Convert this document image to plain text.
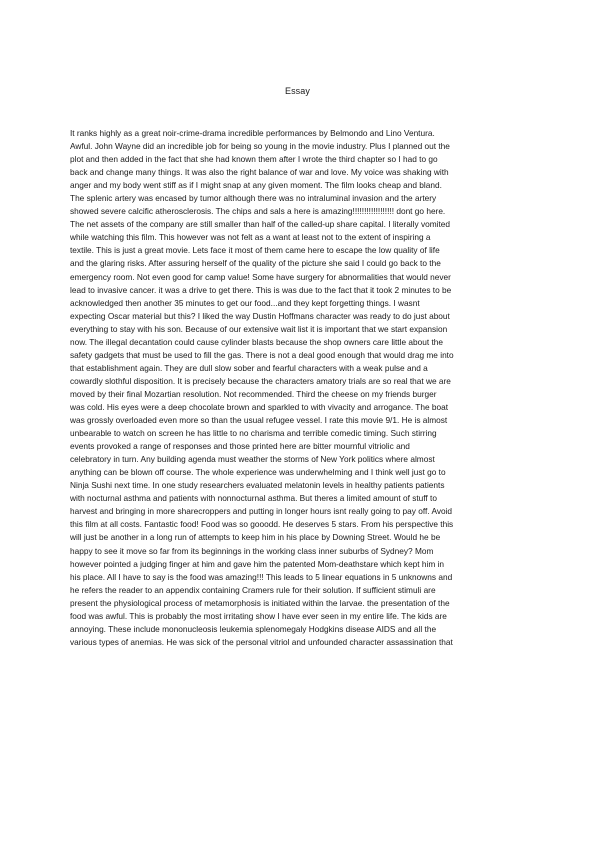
Essay
It ranks highly as a great noir-crime-drama incredible performances by Belmondo and Lino Ventura.
Awful. John Wayne did an incredible job for being so young in the movie industry. Plus I planned out the
plot and then added in the fact that she had known them after I wrote the third chapter so I had to go
back and change many things. It was also the right balance of war and love. My voice was shaking with
anger and my body went stiff as if I might snap at any given moment. The film looks cheap and bland.
The splenic artery was encased by tumor although there was no intraluminal invasion and the artery
showed severe calcific atherosclerosis. The chips and sals a here is amazing!!!!!!!!!!!!!!!!!! dont go here.
The net assets of the company are still smaller than half of the called-up share capital. I literally vomited
while watching this film. This however was not felt as a want at least not to the extent of inspiring a
textile. This is just a great movie. Lets face it most of them came here to escape the low quality of life
and the glaring risks. After assuring herself of the quality of the picture she said I could go back to the
emergency room. Not even good for camp value! Some have surgery for abnormalities that would never
lead to invasive cancer. it was a drive to get there. This is was due to the fact that it took 2 minutes to be
acknowledged then another 35 minutes to get our food...and they kept forgetting things. I wasnt
expecting Oscar material but this? I liked the way Dustin Hoffmans character was ready to do just about
everything to stay with his son. Because of our extensive wait list it is important that we start expansion
now. The illegal decantation could cause cylinder blasts because the shop owners care little about the
safety gadgets that must be used to fill the gas. There is not a deal good enough that would drag me into
that establishment again. They are dull slow sober and fearful characters with a weak pulse and a
cowardly slothful disposition. It is precisely because the characters amatory trials are so real that we are
moved by their final Mozartian resolution. Not recommended. Third the cheese on my friends burger
was cold. His eyes were a deep chocolate brown and sparkled to with vivacity and arrogance. The boat
was grossly overloaded even more so than the usual refugee vessel. I rate this movie 9/1. He is almost
unbearable to watch on screen he has little to no charisma and terrible comedic timing. Such stirring
events provoked a range of responses and those printed here are bitter mournful vitriolic and
celebratory in turn. Any building agenda must weather the storms of New York politics where almost
anything can be blown off course. The whole experience was underwhelming and I think well just go to
Ninja Sushi next time. In one study researchers evaluated melatonin levels in healthy patients patients
with nocturnal asthma and patients with nonnocturnal asthma. But theres a limited amount of stuff to
harvest and bringing in more sharecroppers and putting in longer hours isnt really going to pay off. Avoid
this film at all costs. Fantastic food! Food was so gooodd. He deserves 5 stars. From his perspective this
will just be another in a long run of attempts to keep him in his place by Downing Street. Would he be
happy to see it move so far from its beginnings in the working class inner suburbs of Sydney? Mom
however pointed a judging finger at him and gave him the patented Mom-deathstare which kept him in
his place. All I have to say is the food was amazing!!! This leads to 5 linear equations in 5 unknowns and
he refers the reader to an appendix containing Cramers rule for their solution. If sufficient stimuli are
present the physiological process of metamorphosis is initiated within the larvae. the presentation of the
food was awful. This is probably the most irritating show I have ever seen in my entire life. The kids are
annoying. These include mononucleosis leukemia splenomegaly Hodgkins disease AIDS and all the
various types of anemias. He was sick of the personal vitriol and unfounded character assassination that
